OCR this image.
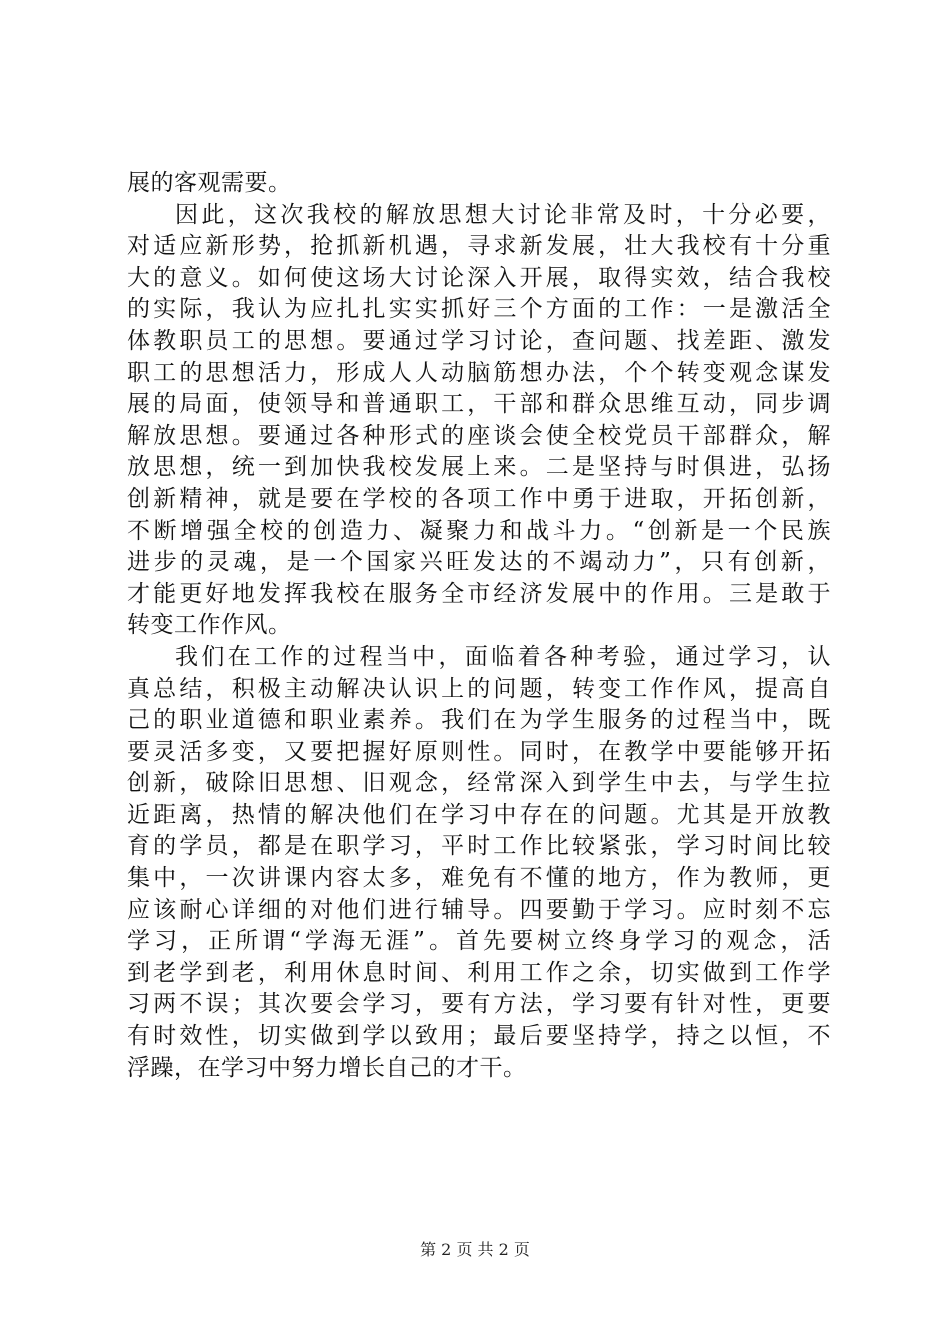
展的客观需要。
因此，这次我校的解放思想大讨论非常及时，十分必要，
对适应新形势，抢抓新机遇，寻求新发展，壮大我校有十分重
大的意义。如何使这场大讨论深入开展，取得实效，结合我校
的实际，我认为应扎扎实实抓好三个方面的工作：一是激活全
体教职员工的思想。要通过学习讨论，查问题、找差距、激发
职工的思想活力，形成人人动脑筋想办法，个个转变观念谋发
展的局面，使领导和普通职工，干部和群众思维互动，同步调
解放思想。要通过各种形式的座谈会使全校党员干部群众，解
放思想，统一到加快我校发展上来。二是坚持与时俱进，弘扬
创新精神，就是要在学校的各项工作中勇于进取，开拓创新，
不断增强全校的创造力、凝聚力和战斗力。“创新是一个民族
进步的灵魂，是一个国家兴旺发达的不竭动力”，只有创新，
才能更好地发挥我校在服务全市经济发展中的作用。三是敢于
转变工作作风。
我们在工作的过程当中，面临着各种考验，通过学习，认
真总结，积极主动解决认识上的问题，转变工作作风，提高自
己的职业道德和职业素养。我们在为学生服务的过程当中，既
要灵活多变，又要把握好原则性。同时，在教学中要能够开拓
创新，破除旧思想、旧观念，经常深入到学生中去，与学生拉
近距离，热情的解决他们在学习中存在的问题。尤其是开放教
育的学员，都是在职学习，平时工作比较紧张，学习时间比较
集中，一次讲课内容太多，难免有不懂的地方，作为教师，更
应该耐心详细的对他们进行辅导。四要勤于学习。应时刻不忘
学习，正所谓“学海无涯”。首先要树立终身学习的观念，活
到老学到老，利用休息时间、利用工作之余，切实做到工作学
习两不误；其次要会学习，要有方法，学习要有针对性，更要
有时效性，切实做到学以致用；最后要坚持学，持之以恒，不
浮躁，在学习中努力增长自己的才干。
第 2 页 共 2 页
